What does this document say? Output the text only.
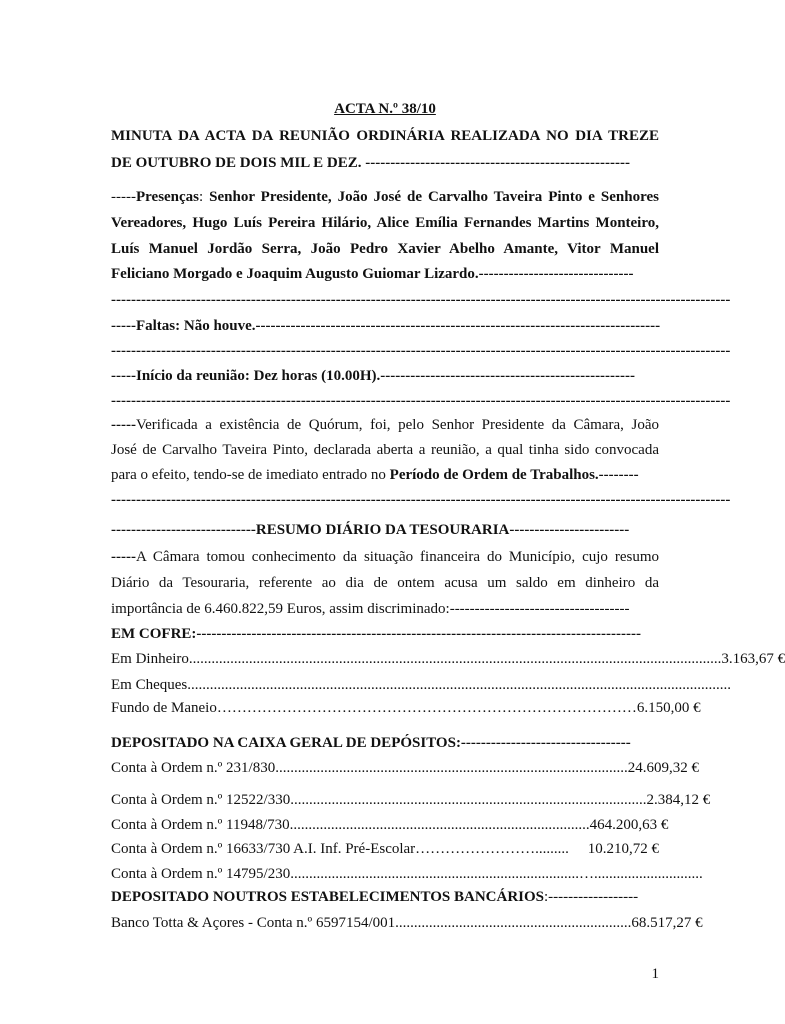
ACTA N.º 38/10
MINUTA DA ACTA DA REUNIÃO ORDINÁRIA REALIZADA NO DIA TREZE
DE OUTUBRO DE DOIS MIL E DEZ. -----------------------------------------------------
-----Presenças: Senhor Presidente, João José de Carvalho Taveira Pinto e Senhores
Vereadores, Hugo Luís Pereira Hilário, Alice Emília Fernandes Martins Monteiro,
Luís Manuel Jordão Serra, João Pedro Xavier Abelho Amante, Vitor Manuel
Feliciano Morgado e Joaquim Augusto Guiomar Lizardo.-------------------------------
----------------------------------------------------------------------------------------------------------------------------
-----Faltas: Não houve.---------------------------------------------------------------------------------
----------------------------------------------------------------------------------------------------------------------------
-----Início da reunião: Dez horas (10.00H).---------------------------------------------------
----------------------------------------------------------------------------------------------------------------------------
-----Verificada a existência de Quórum, foi, pelo Senhor Presidente da Câmara, João
José de Carvalho Taveira Pinto, declarada aberta a reunião, a qual tinha sido convocada
para o efeito, tendo-se de imediato entrado no Período de Ordem de Trabalhos.--------
----------------------------------------------------------------------------------------------------------------------------
-----------------------------RESUMO DIÁRIO DA TESOURARIA------------------------
-----A Câmara tomou conhecimento da situação financeira do Município, cujo resumo
Diário da Tesouraria, referente ao dia de ontem acusa um saldo em dinheiro da
importância de 6.460.822,59 Euros, assim discriminado:------------------------------------
EM COFRE:-----------------------------------------------------------------------------------------
Em Dinheiro .............................................................................................................................................. 3.163,67 €
Em Cheques .................................................................................................................................................
Fundo de Maneio ………………………………………………………………………… 6.150,00 €
DEPOSITADO NA CAIXA GERAL DE DEPÓSITOS:----------------------------------
Conta à Ordem n.º 231/830 .............................................................................................. 24.609,32 €
Conta à Ordem n.º 12522/330 ............................................................................................... 2.384,12 €
Conta à Ordem n.º 11948/730 ................................................................................ 464.200,63 €
Conta à Ordem n.º 16633/730 A.I. Inf. Pré-Escolar …………………….........	10.210,72 €
Conta à Ordem n.º 14795/230 .............................................................................….............................
DEPOSITADO NOUTROS ESTABELECIMENTOS BANCÁRIOS:------------------
Banco Totta & Açores - Conta n.º 6597154/001 ............................................................... 68.517,27 €
1
